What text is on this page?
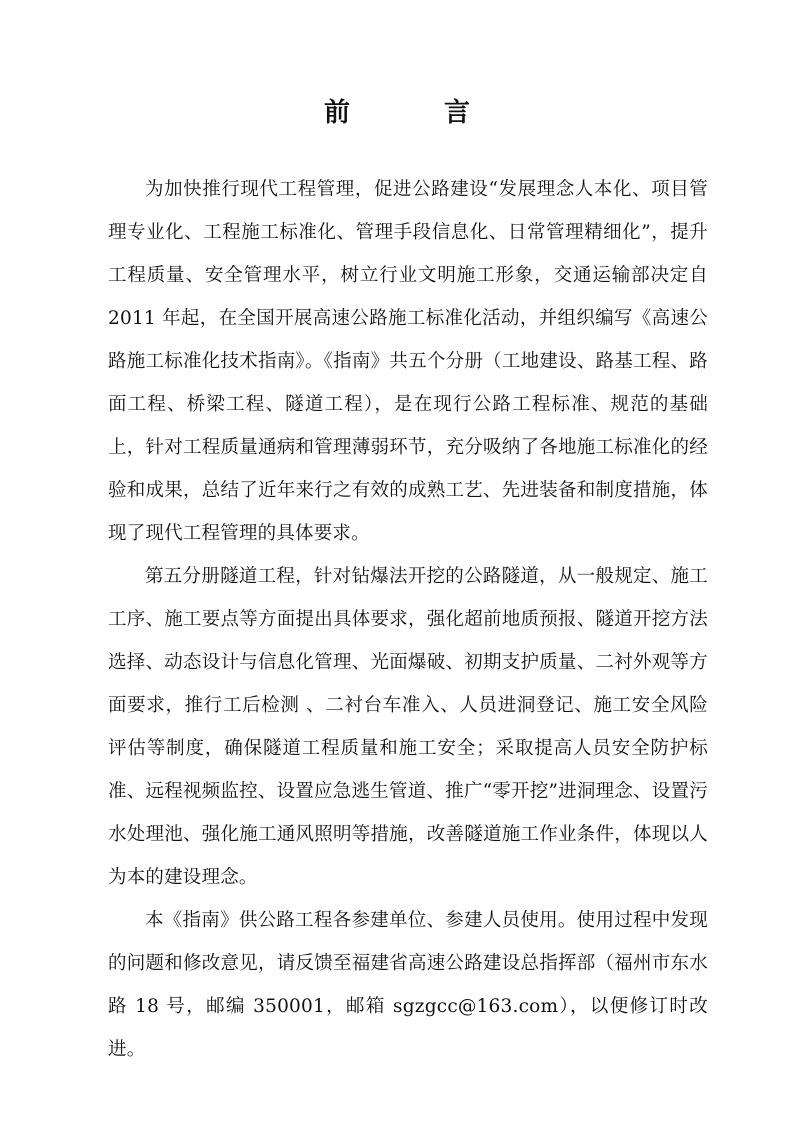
前　言

为加快推行现代工程管理，促进公路建设“发展理念人本化、项目管理专业化、工程施工标准化、管理手段信息化、日常管理精细化”，提升工程质量、安全管理水平，树立行业文明施工形象，交通运输部决定自 2011 年起，在全国开展高速公路施工标准化活动，并组织编写《高速公路施工标准化技术指南》。《指南》共五个分册（工地建设、路基工程、路面工程、桥梁工程、隧道工程），是在现行公路工程标准、规范的基础上，针对工程质量通病和管理薄弱环节，充分吸纳了各地施工标准化的经验和成果，总结了近年来行之有效的成熟工艺、先进装备和制度措施，体现了现代工程管理的具体要求。

第五分册隧道工程，针对钻爆法开挖的公路隧道，从一般规定、施工工序、施工要点等方面提出具体要求，强化超前地质预报、隧道开挖方法选择、动态设计与信息化管理、光面爆破、初期支护质量、二衬外观等方面要求，推行工后检测 、二衬台车准入、人员进洞登记、施工安全风险评估等制度，确保隧道工程质量和施工安全；采取提高人员安全防护标准、远程视频监控、设置应急逃生管道、推广“零开挖”进洞理念、设置污水处理池、强化施工通风照明等措施，改善隧道施工作业条件，体现以人为本的建设理念。

本《指南》供公路工程各参建单位、参建人员使用。使用过程中发现的问题和修改意见，请反馈至福建省高速公路建设总指挥部（福州市东水路 18 号，邮编 350001，邮箱 sgzgcc@163.com），以便修订时改进。
